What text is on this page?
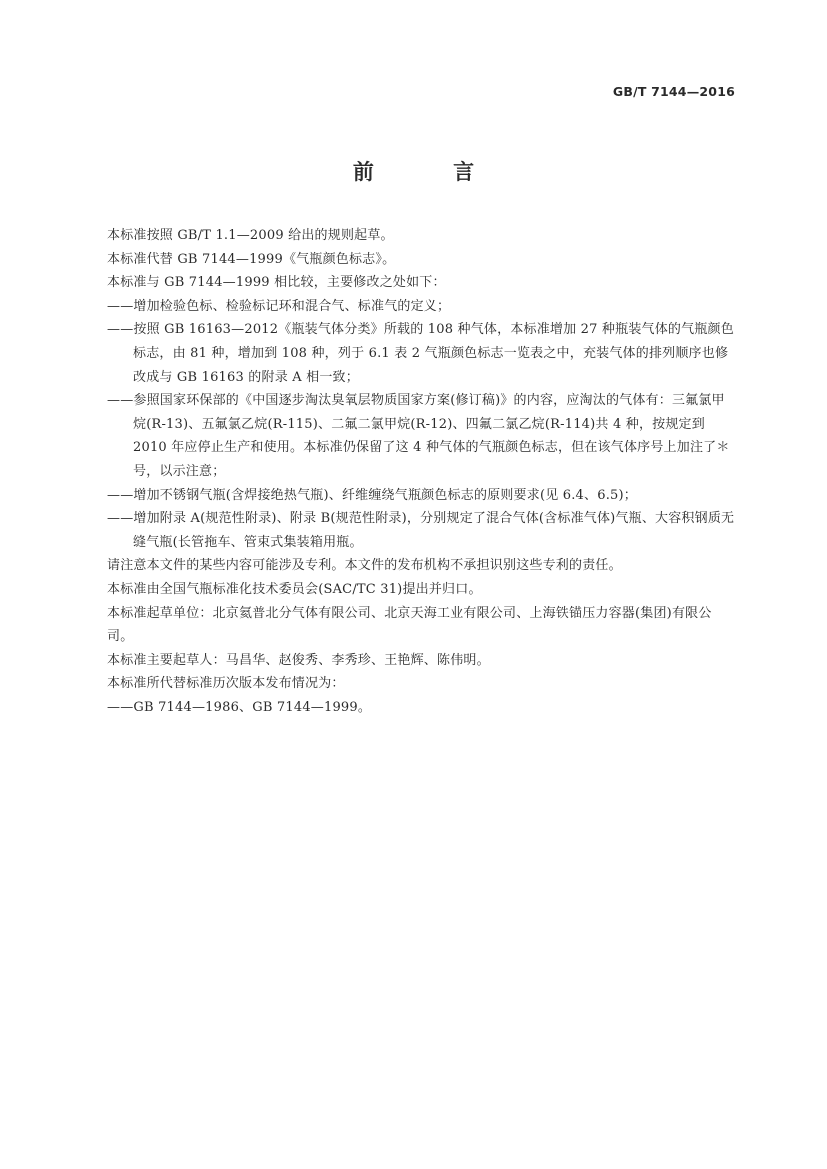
GB/T 7144—2016
前 言

本标准按照 GB/T 1.1—2009 给出的规则起草。

本标准代替 GB 7144—1999《气瓶颜色标志》。

本标准与 GB 7144—1999 相比较，主要修改之处如下：

——增加检验色标、检验标记环和混合气、标准气的定义；

——按照 GB 16163—2012《瓶装气体分类》所载的 108 种气体，本标准增加 27 种瓶装气体的气瓶颜色标志，由 81 种，增加到 108 种，列于 6.1 表 2 气瓶颜色标志一览表之中，充装气体的排列顺序也修改成与 GB 16163 的附录 A 相一致；

——参照国家环保部的《中国逐步淘汰臭氧层物质国家方案(修订稿)》的内容，应淘汰的气体有：三氟氯甲烷(R-13)、五氟氯乙烷(R-115)、二氟二氯甲烷(R-12)、四氟二氯乙烷(R-114)共 4 种，按规定到 2010 年应停止生产和使用。本标准仍保留了这 4 种气体的气瓶颜色标志，但在该气体序号上加注了＊号，以示注意；

——增加不锈钢气瓶(含焊接绝热气瓶)、纤维缠绕气瓶颜色标志的原则要求(见 6.4、6.5)；

——增加附录 A(规范性附录)、附录 B(规范性附录)，分别规定了混合气体(含标准气体)气瓶、大容积钢质无缝气瓶(长管拖车、管束式集装箱用瓶。

请注意本文件的某些内容可能涉及专利。本文件的发布机构不承担识别这些专利的责任。

本标准由全国气瓶标准化技术委员会(SAC/TC 31)提出并归口。

本标准起草单位：北京氦普北分气体有限公司、北京天海工业有限公司、上海铁锚压力容器(集团)有限公司。

本标准主要起草人：马昌华、赵俊秀、李秀珍、王艳辉、陈伟明。

本标准所代替标准历次版本发布情况为：

——GB 7144—1986、GB 7144—1999。
